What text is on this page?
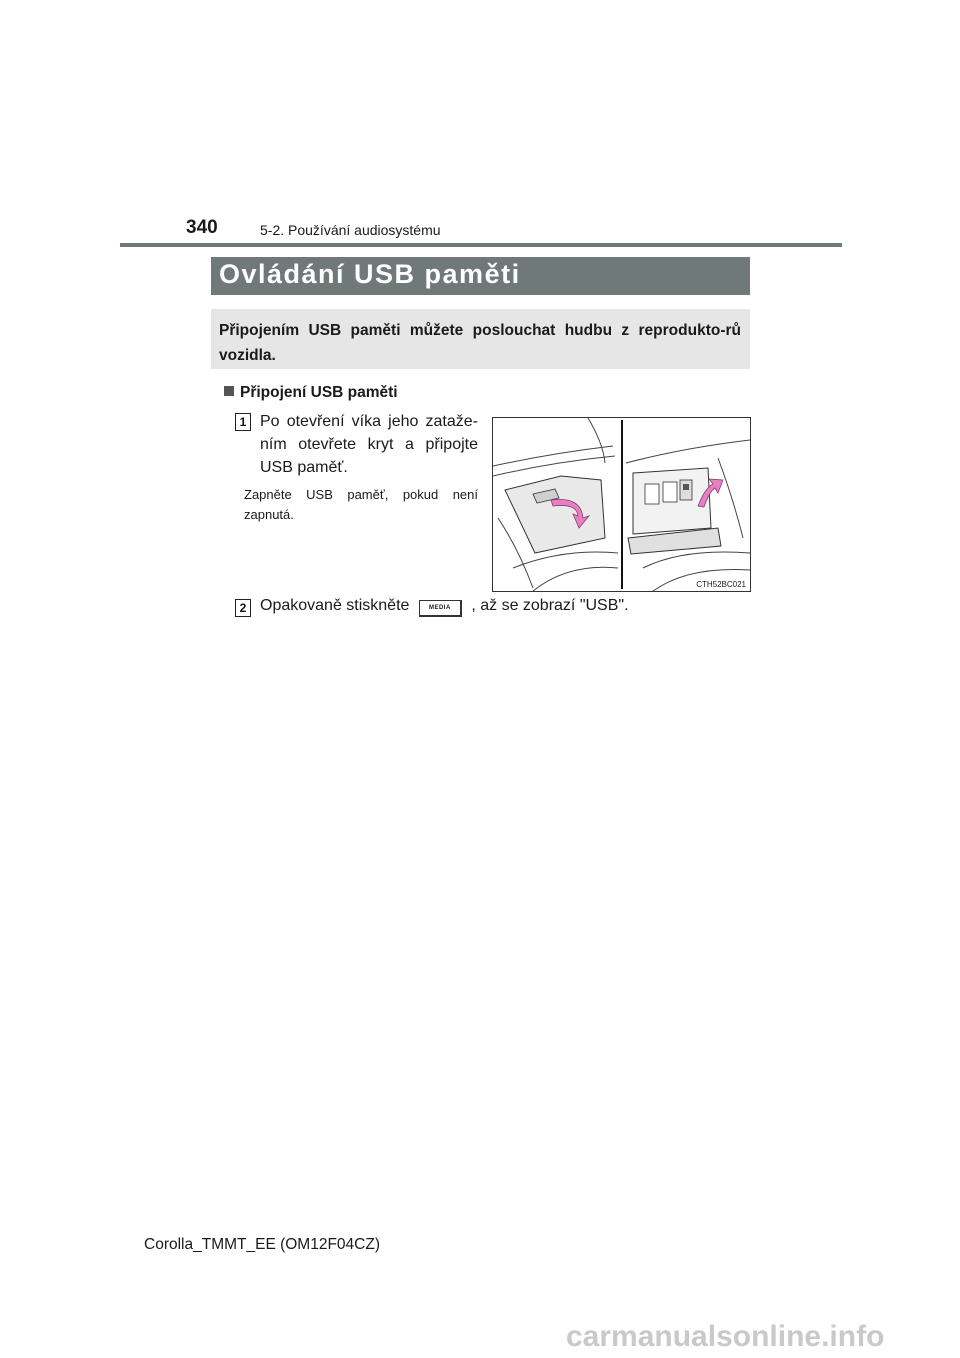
340	5-2. Používání audiosystému
Ovládání USB paměti
Připojením USB paměti můžete poslouchat hudbu z reprodukto-rů vozidla.
Připojení USB paměti
1 Po otevření víka jeho zataže-ním otevřete kryt a připojte USB paměť.
Zapněte USB paměť, pokud není zapnutá.
CTH52BC021
2 Opakovaně stiskněte	MEDIA , až se zobrazí "USB".
Corolla_TMMT_EE (OM12F04CZ)
carmanualsonline.info
